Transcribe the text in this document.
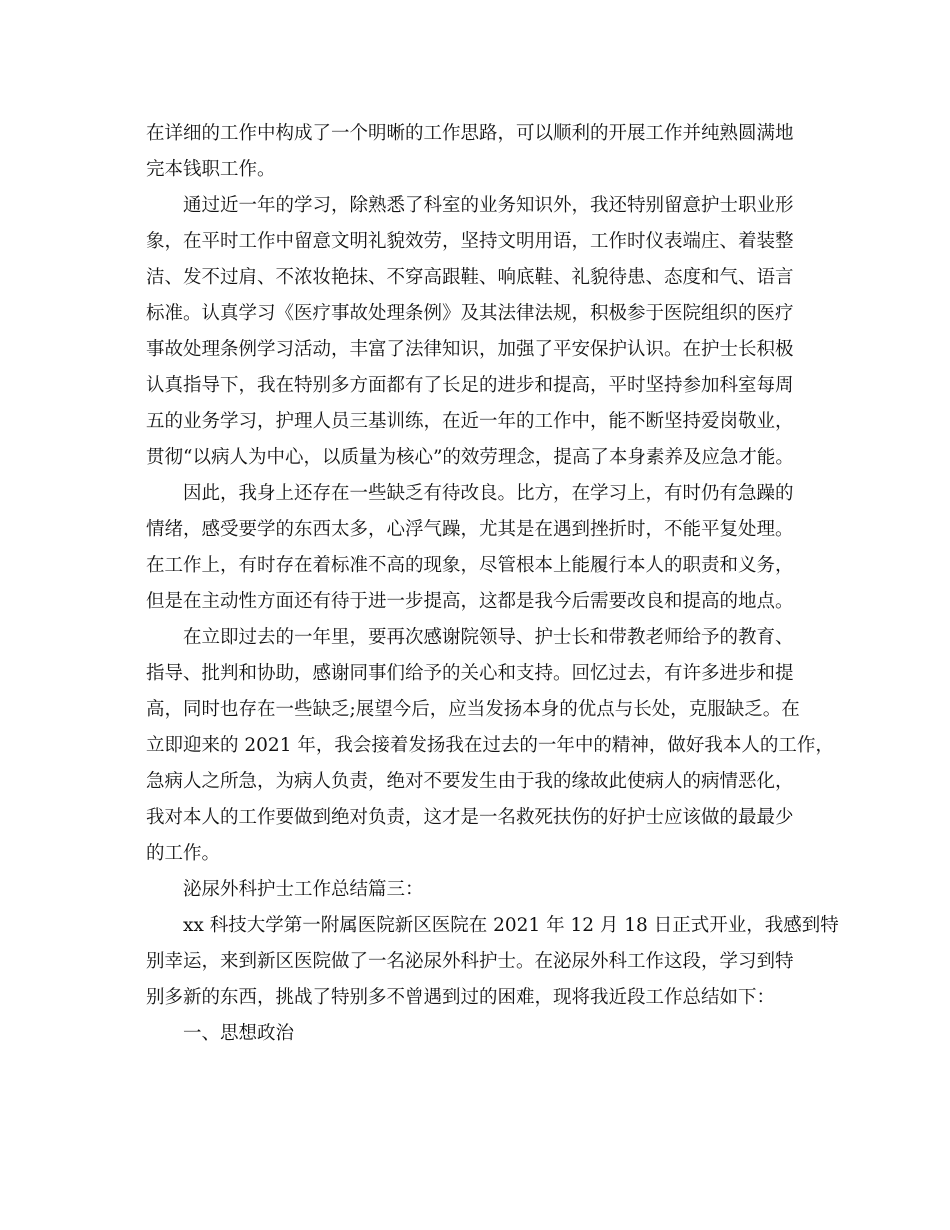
在详细的工作中构成了一个明晰的工作思路，可以顺利的开展工作并纯熟圆满地
完本钱职工作。
通过近一年的学习，除熟悉了科室的业务知识外，我还特别留意护士职业形
象，在平时工作中留意文明礼貌效劳，坚持文明用语，工作时仪表端庄、着装整
洁、发不过肩、不浓妆艳抹、不穿高跟鞋、响底鞋、礼貌待患、态度和气、语言
标准。认真学习《医疗事故处理条例》及其法律法规，积极参于医院组织的医疗
事故处理条例学习活动，丰富了法律知识，加强了平安保护认识。在护士长积极
认真指导下，我在特别多方面都有了长足的进步和提高，平时坚持参加科室每周
五的业务学习，护理人员三基训练，在近一年的工作中，能不断坚持爱岗敬业，
贯彻“以病人为中心，以质量为核心”的效劳理念，提高了本身素养及应急才能。
因此，我身上还存在一些缺乏有待改良。比方，在学习上，有时仍有急躁的
情绪，感受要学的东西太多，心浮气躁，尤其是在遇到挫折时，不能平复处理。
在工作上，有时存在着标准不高的现象，尽管根本上能履行本人的职责和义务，
但是在主动性方面还有待于进一步提高，这都是我今后需要改良和提高的地点。
在立即过去的一年里，要再次感谢院领导、护士长和带教老师给予的教育、
指导、批判和协助，感谢同事们给予的关心和支持。回忆过去，有许多进步和提
高，同时也存在一些缺乏;展望今后，应当发扬本身的优点与长处，克服缺乏。在
立即迎来的 2021 年，我会接着发扬我在过去的一年中的精神，做好我本人的工作，
急病人之所急，为病人负责，绝对不要发生由于我的缘故此使病人的病情恶化，
我对本人的工作要做到绝对负责，这才是一名救死扶伤的好护士应该做的最最少
的工作。
泌尿外科护士工作总结篇三：
xx 科技大学第一附属医院新区医院在 2021 年 12 月 18 日正式开业，我感到特
别幸运，来到新区医院做了一名泌尿外科护士。在泌尿外科工作这段，学习到特
别多新的东西，挑战了特别多不曾遇到过的困难，现将我近段工作总结如下：
一、思想政治
